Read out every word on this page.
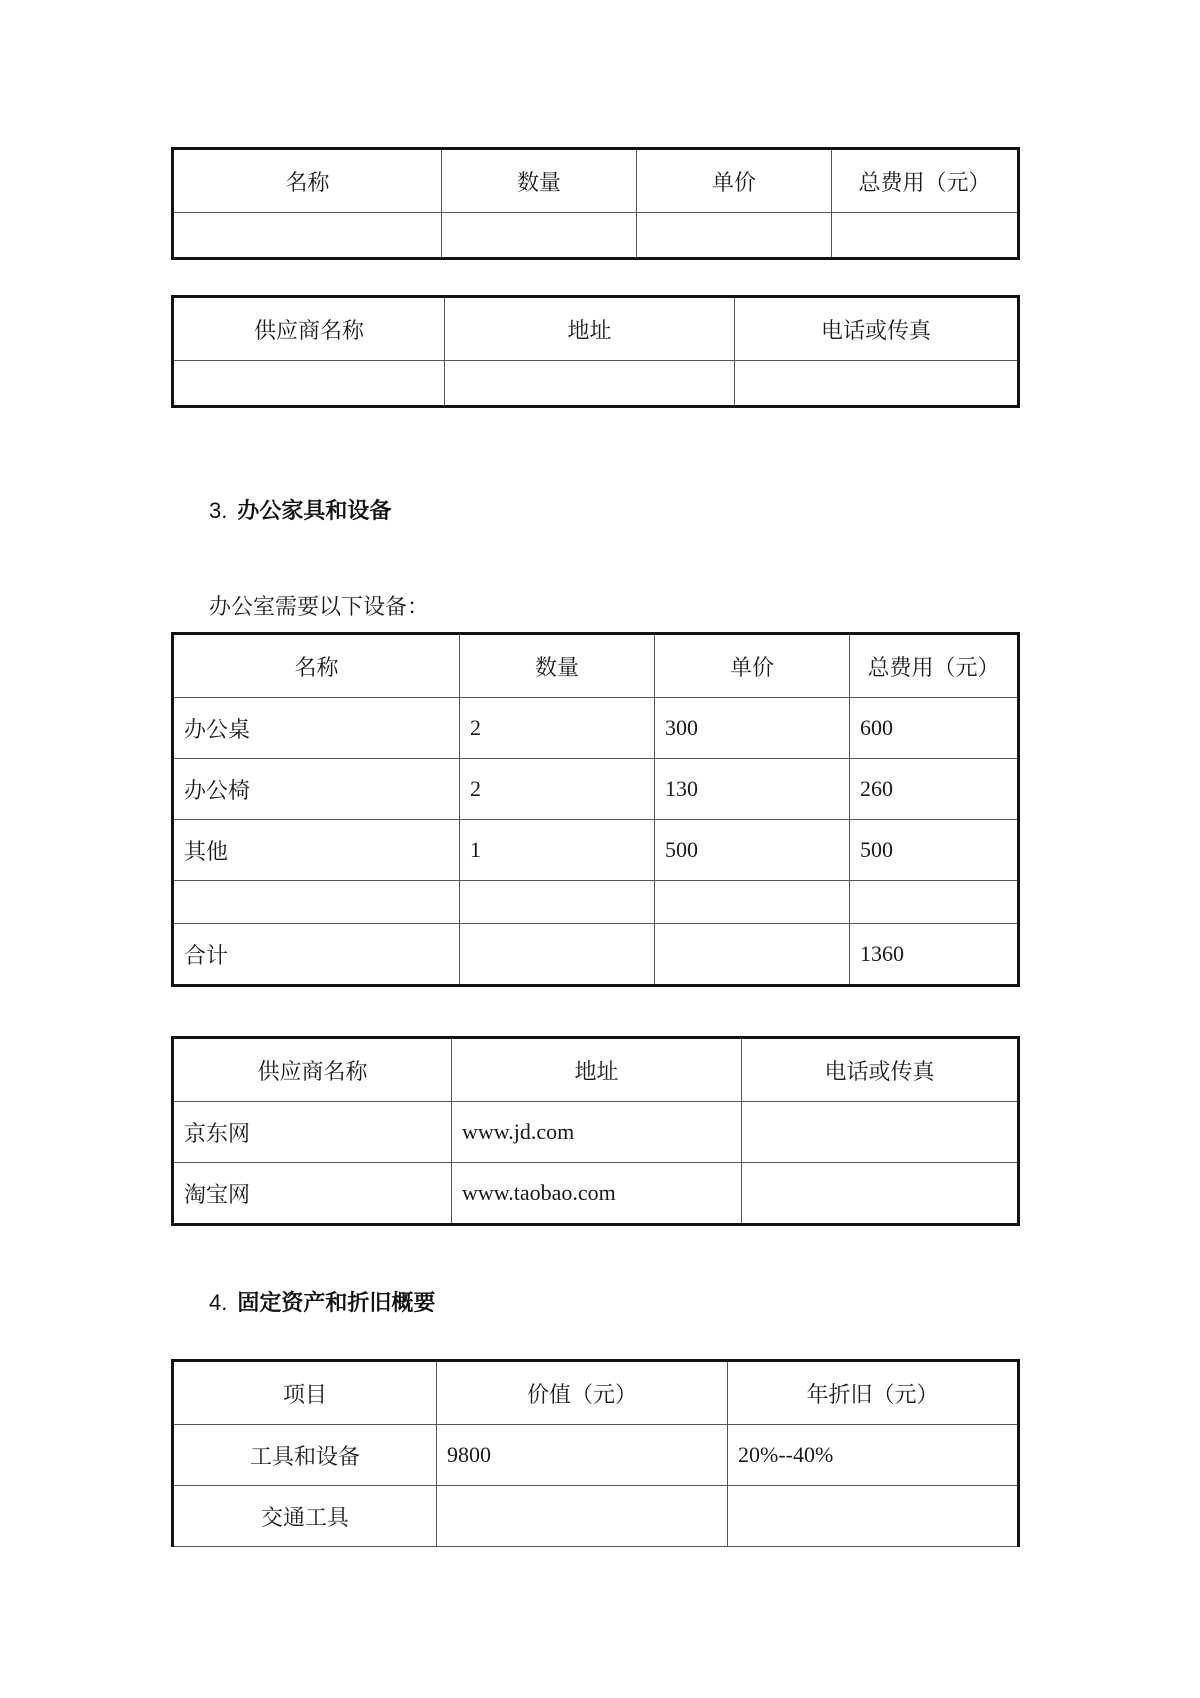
名称	数量	单价	总费用（元）

供应商名称	地址	电话或传真

3. 办公家具和设备
办公室需要以下设备：
名称	数量	单价	总费用（元）
办公桌	2	300	600
办公椅	2	130	260
其他	1	500	500

合计			1360
供应商名称	地址	电话或传真
京东网	www.jd.com	
淘宝网	www.taobao.com	
4. 固定资产和折旧概要
项目	价值（元）	年折旧（元）
工具和设备	9800	20%--40%
交通工具		
